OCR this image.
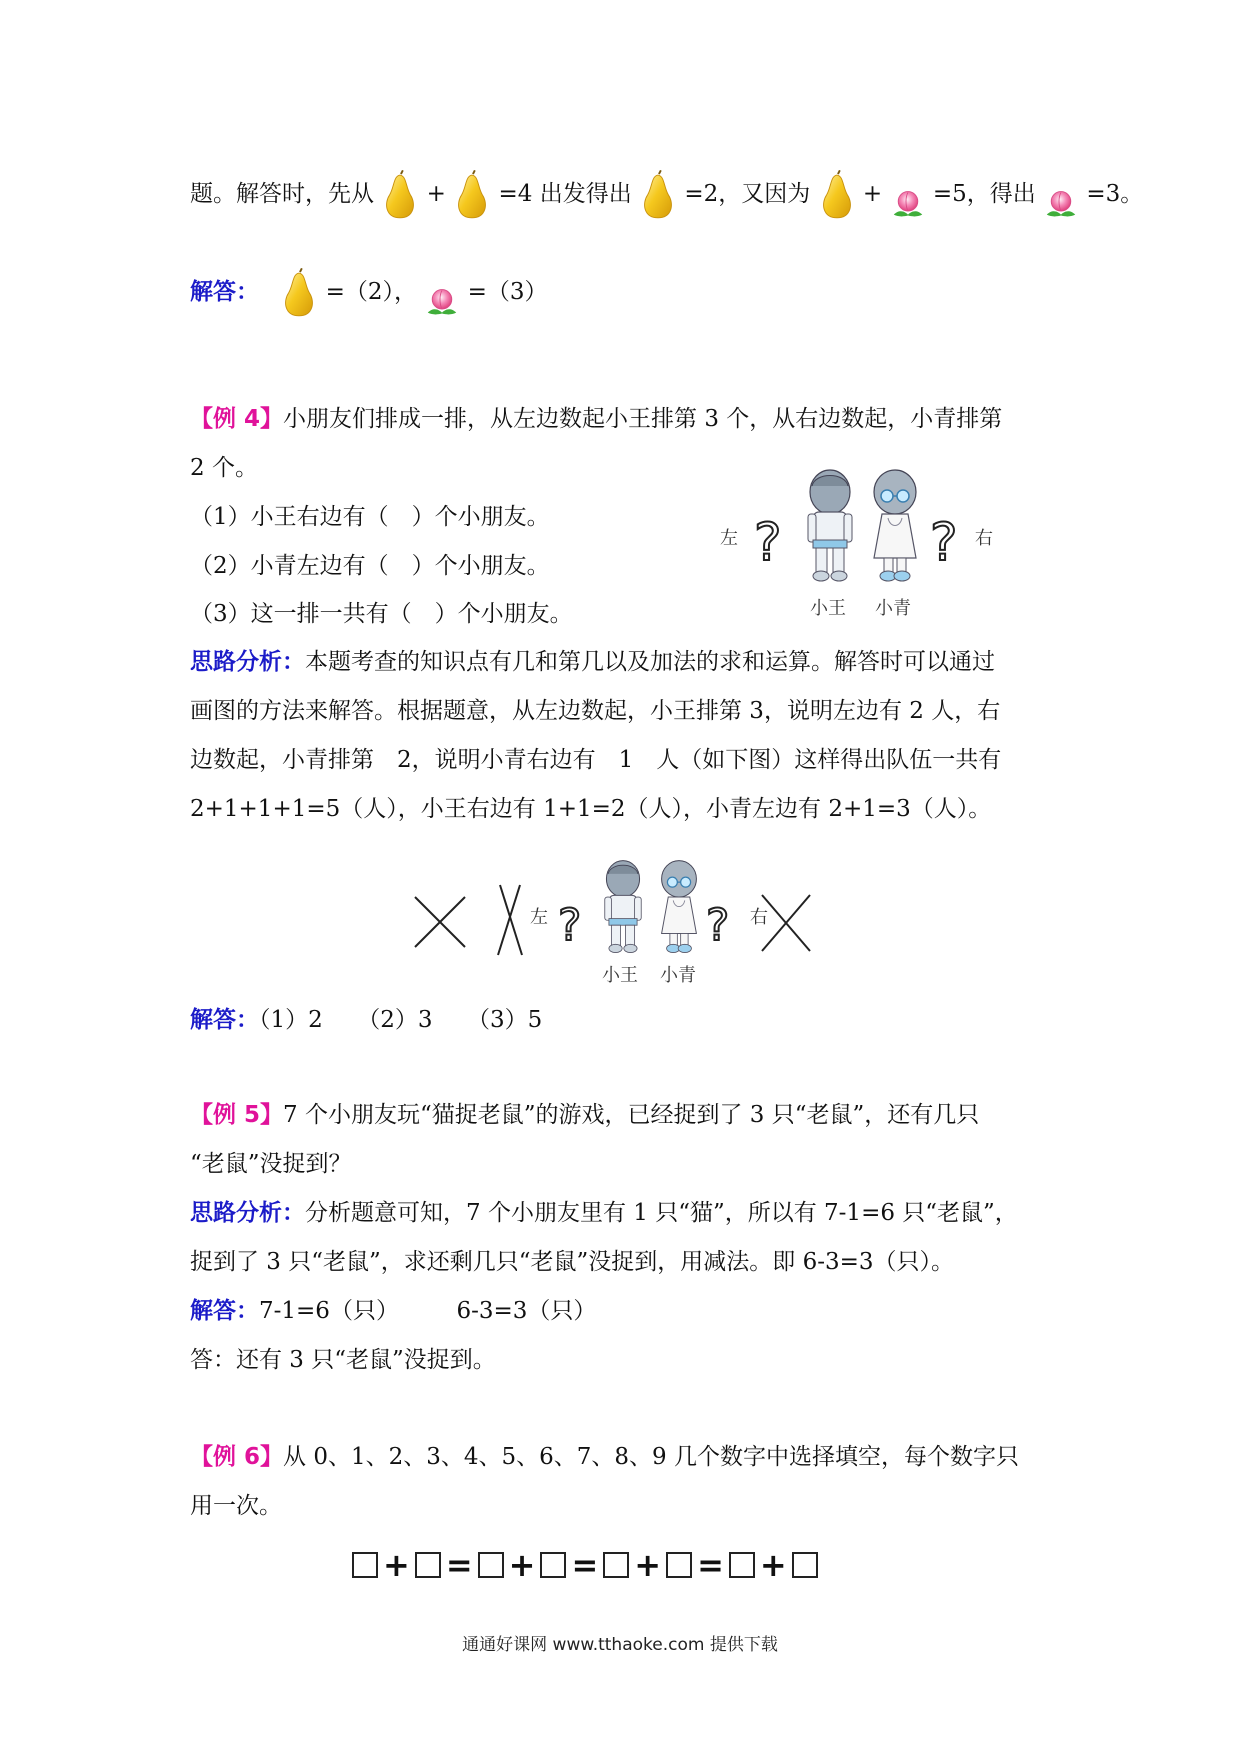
题。解答时，先从 + =4 出发得出 =2，又因为 + =5，得出 =3。
解答：	=（2）， =（3）
【例 4】小朋友们排成一排，从左边数起小王排第 3 个，从右边数起，小青排第
2 个。
（1）小王右边有（　）个小朋友。
（2）小青左边有（　）个小朋友。
（3）这一排一共有（　）个小朋友。
左 ?	? 右
小王 小青
思路分析：本题考查的知识点有几和第几以及加法的求和运算。解答时可以通过
画图的方法来解答。根据题意，从左边数起，小王排第 3，说明左边有 2 人，右
边数起，小青排第　2，说明小青右边有　1　人（如下图）这样得出队伍一共有
2+1+1+1=5（人），小王右边有 1+1=2（人），小青左边有 2+1=3（人）。
左 ?	? 右
小王 小青
解答：（1）2　　（2）3　　（3）5
【例 5】7 个小朋友玩“猫捉老鼠”的游戏，已经捉到了 3 只“老鼠”，还有几只
“老鼠”没捉到？
思路分析：分析题意可知，7 个小朋友里有 1 只“猫”，所以有 7-1=6 只“老鼠”，
捉到了 3 只“老鼠”，求还剩几只“老鼠”没捉到，用减法。即 6-3=3（只）。
解答：7-1=6（只）　　　6-3=3（只）
答：还有 3 只“老鼠”没捉到。
【例 6】从 0、1、2、3、4、5、6、7、8、9 几个数字中选择填空，每个数字只
用一次。
+ = + = + = +
通通好课网 www.tthaoke.com 提供下载
